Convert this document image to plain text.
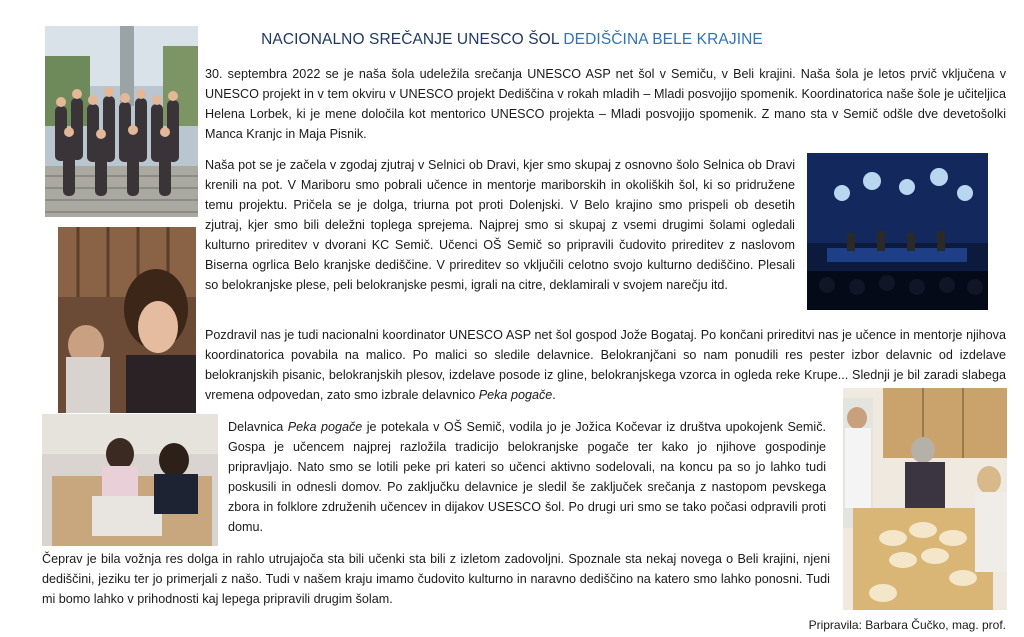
NACIONALNO SREČANJE UNESCO ŠOL DEDIŠČINA BELE KRAJINE

30. septembra 2022 se je naša šola udeležila srečanja UNESCO ASP net šol v Semiču, v Beli krajini. Naša šola je letos prvič vključena v UNESCO projekt in v tem okviru v UNESCO projekt Dediščina v rokah mladih – Mladi posvojijo spomenik. Koordinatorica naše šole je učiteljica Helena Lorbek, ki je mene določila kot mentorico UNESCO projekta – Mladi posvojijo spomenik. Z mano sta v Semič odšle dve devetošolki Manca Kranjc in Maja Pisnik.

Naša pot se je začela v zgodaj zjutraj v Selnici ob Dravi, kjer smo skupaj z osnovno šolo Selnica ob Dravi krenili na pot. V Mariboru smo pobrali učence in mentorje mariborskih in okoliških šol, ki so pridružene temu projektu. Pričela se je dolga, triurna pot proti Dolenjski. V Belo krajino smo prispeli ob desetih zjutraj, kjer smo bili deležni toplega sprejema. Najprej smo si skupaj z vsemi drugimi šolami ogledali kulturno prireditev v dvorani KC Semič. Učenci OŠ Semič so pripravili čudovito prireditev z naslovom Biserna ogrlica Belo kranjske dediščine. V prireditev so vključili celotno svojo kulturno dediščino. Plesali so belokranjske plese, peli belokranjske pesmi, igrali na citre, deklamirali v svojem narečju itd.

Pozdravil nas je tudi nacionalni koordinator UNESCO ASP net šol gospod Jože Bogataj. Po končani prireditvi nas je učence in mentorje njihova koordinatorica povabila na malico. Po malici so sledile delavnice. Belokranjčani so nam ponudili res pester izbor delavnic od izdelave belokranjskih pisanic, belokranjskih plesov, izdelave posode iz gline, belokranjskega vzorca in ogleda reke Krupe... Slednji je bil zaradi slabega vremena odpovedan, zato smo izbrale delavnico Peka pogače.

Delavnica Peka pogače je potekala v OŠ Semič, vodila jo je Jožica Kočevar iz društva upokojenk Semič. Gospa je učencem najprej razložila tradicijo belokranjske pogače ter kako jo njihove gospodinje pripravljajo. Nato smo se lotili peke pri kateri so učenci aktivno sodelovali, na koncu pa so jo lahko tudi poskusili in odnesli domov. Po zaključku delavnice je sledil še zaključek srečanja z nastopom pevskega zbora in folklore združenih učencev in dijakov USESCO šol. Po drugi uri smo se tako počasi odpravili proti domu.

Čeprav je bila vožnja res dolga in rahlo utrujajoča sta bili učenki sta bili z izletom zadovoljni. Spoznale sta nekaj novega o Beli krajini, njeni dediščini, jeziku ter jo primerjali z našo. Tudi v našem kraju imamo čudovito kulturno in naravno dediščino na katero smo lahko ponosni. Tudi mi bomo lahko v prihodnosti kaj lepega pripravili drugim šolam.

Pripravila: Barbara Čučko, mag. prof.
